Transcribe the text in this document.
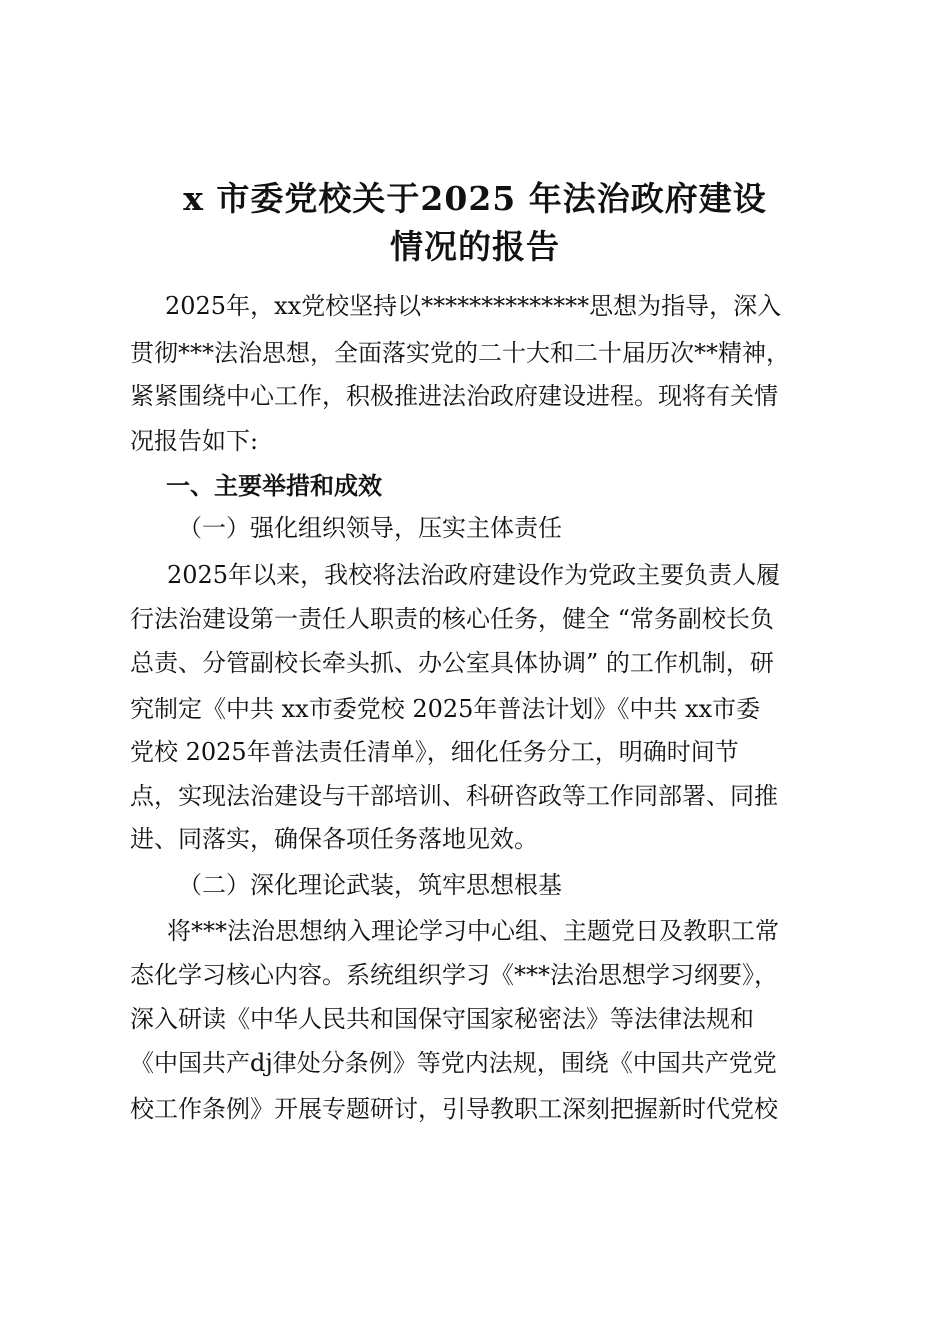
x 市委党校关于2025 年法治政府建设
情况的报告
2025年，xx党校坚持以**************思想为指导，深入
贯彻***法治思想，全面落实党的二十大和二十届历次**精神，
紧紧围绕中心工作，积极推进法治政府建设进程。现将有关情
况报告如下:
一、主要举措和成效
（一）强化组织领导，压实主体责任
2025年以来，我校将法治政府建设作为党政主要负责人履
行法治建设第一责任人职责的核心任务，健全 “常务副校长负
总责、分管副校长牵头抓、办公室具体协调” 的工作机制，研
究制定《中共 xx市委党校 2025年普法计划》《中共 xx市委
党校 2025年普法责任清单》，细化任务分工，明确时间节
点，实现法治建设与干部培训、科研咨政等工作同部署、同推
进、同落实，确保各项任务落地见效。
（二）深化理论武装，筑牢思想根基
将***法治思想纳入理论学习中心组、主题党日及教职工常
态化学习核心内容。系统组织学习《***法治思想学习纲要》，
深入研读《中华人民共和国保守国家秘密法》等法律法规和
《中国共产dj律处分条例》等党内法规，围绕《中国共产党党
校工作条例》开展专题研讨，引导教职工深刻把握新时代党校
